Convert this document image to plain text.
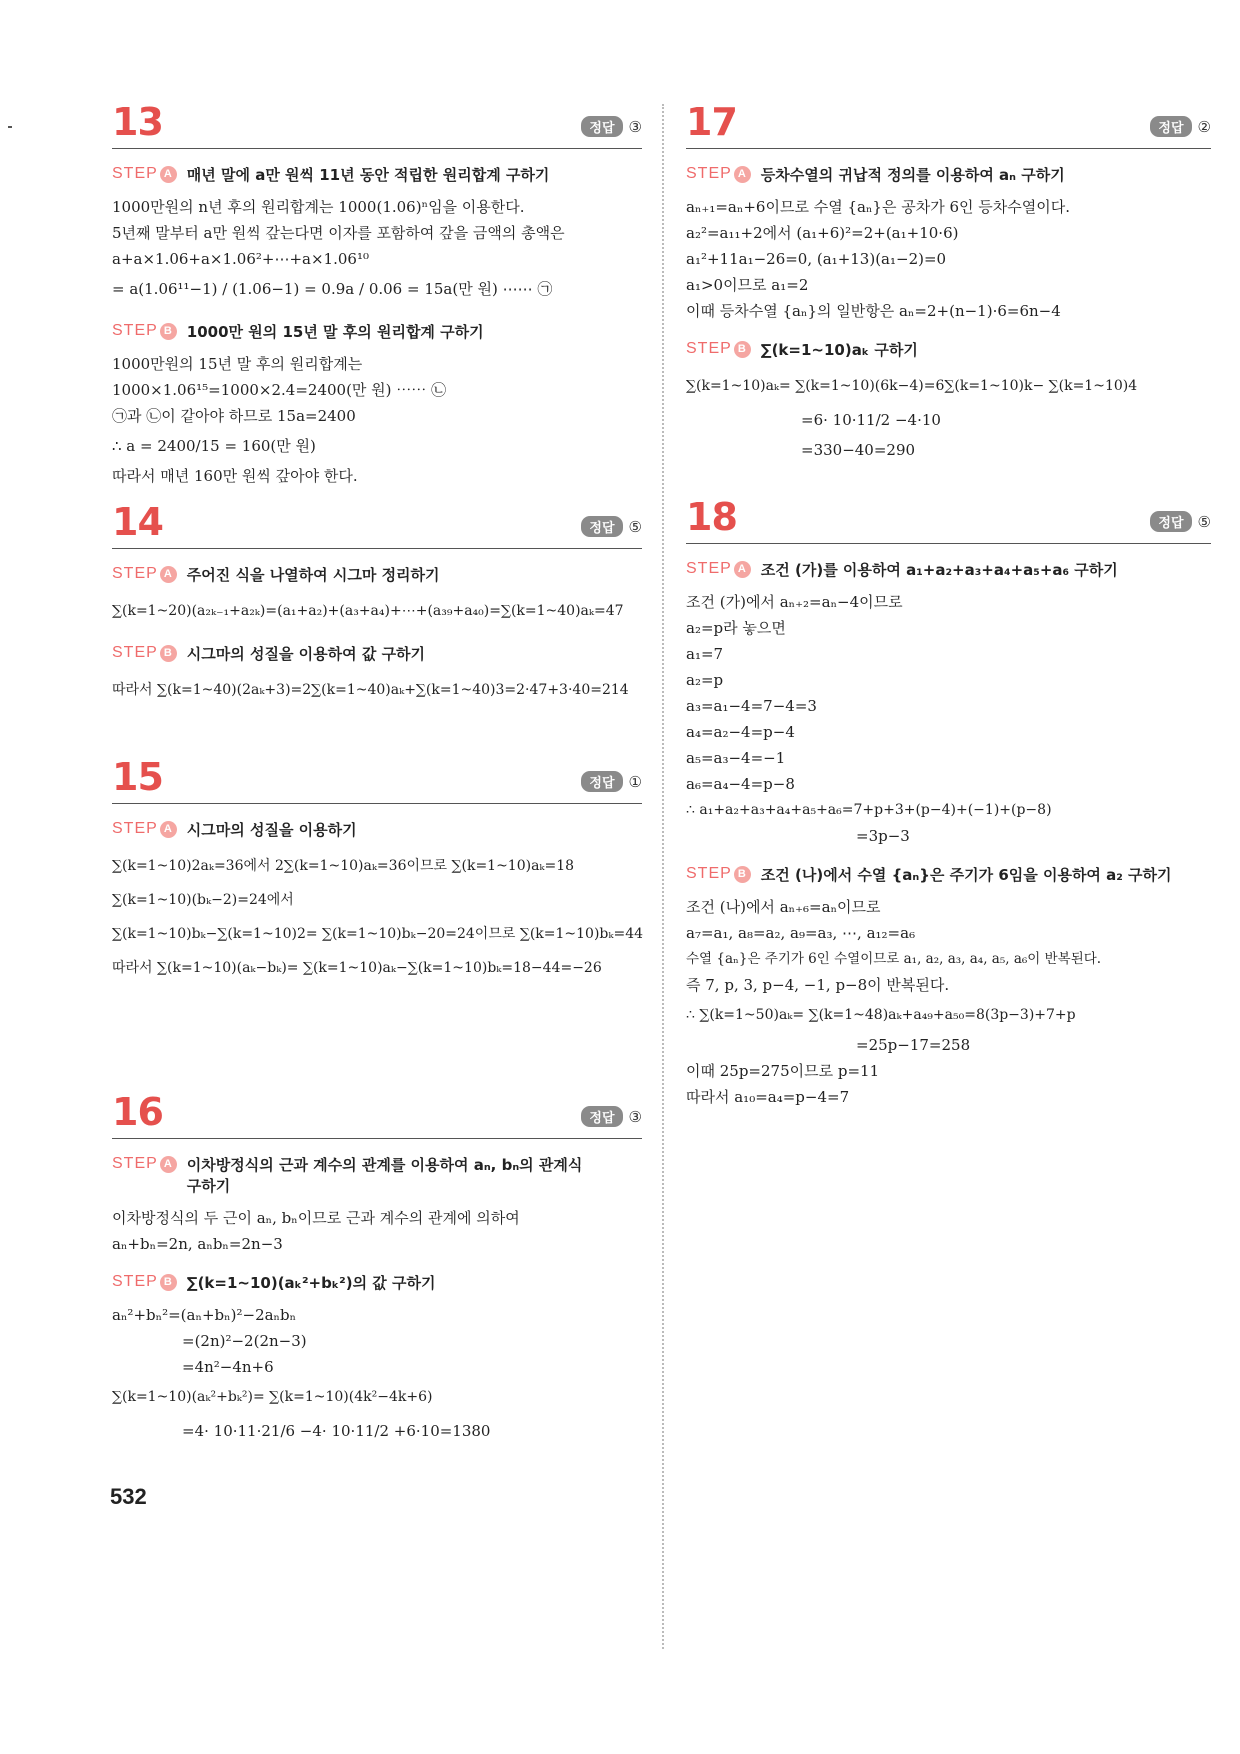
13	정답 ③
STEP A 매년 말에 a만 원씩 11년 동안 적립한 원리합계 구하기
1000만원의 n년 후의 원리합계는 1000(1.06)ⁿ임을 이용한다.
5년째 말부터 a만 원씩 갚는다면 이자를 포함하여 갚을 금액의 총액은
a+a×1.06+a×1.06²+⋯+a×1.06¹⁰
= a(1.06¹¹−1) / (1.06−1) = 0.9a / 0.06 = 15a(만 원) ⋯⋯ ㉠
STEP B 1000만 원의 15년 말 후의 원리합계 구하기
1000만원의 15년 말 후의 원리합계는
1000×1.06¹⁵=1000×2.4=2400(만 원) ⋯⋯ ㉡
㉠과 ㉡이 같아야 하므로 15a=2400
∴ a = 2400/15 = 160(만 원)
따라서 매년 160만 원씩 갚아야 한다.
14	정답 ⑤
STEP A 주어진 식을 나열하여 시그마 정리하기
∑(k=1~20)(a₂ₖ₋₁+a₂ₖ)=(a₁+a₂)+(a₃+a₄)+⋯+(a₃₉+a₄₀)=∑(k=1~40)aₖ=47
STEP B 시그마의 성질을 이용하여 값 구하기
따라서 ∑(k=1~40)(2aₖ+3)=2∑(k=1~40)aₖ+∑(k=1~40)3=2·47+3·40=214
15	정답 ①
STEP A 시그마의 성질을 이용하기
∑(k=1~10)2aₖ=36에서 2∑(k=1~10)aₖ=36이므로 ∑(k=1~10)aₖ=18
∑(k=1~10)(bₖ−2)=24에서
∑(k=1~10)bₖ−∑(k=1~10)2= ∑(k=1~10)bₖ−20=24이므로 ∑(k=1~10)bₖ=44
따라서 ∑(k=1~10)(aₖ−bₖ)= ∑(k=1~10)aₖ−∑(k=1~10)bₖ=18−44=−26
16	정답 ③
STEP A 이차방정식의 근과 계수의 관계를 이용하여 aₙ, bₙ의 관계식 구하기
이차방정식의 두 근이 aₙ, bₙ이므로 근과 계수의 관계에 의하여
aₙ+bₙ=2n, aₙbₙ=2n−3
STEP B ∑(k=1~10)(aₖ²+bₖ²)의 값 구하기
aₙ²+bₙ²=(aₙ+bₙ)²−2aₙbₙ
=(2n)²−2(2n−3)
=4n²−4n+6
∑(k=1~10)(aₖ²+bₖ²)= ∑(k=1~10)(4k²−4k+6)
=4· 10·11·21/6 −4· 10·11/2 +6·10=1380
532
17	정답 ②
STEP A 등차수열의 귀납적 정의를 이용하여 aₙ 구하기
aₙ₊₁=aₙ+6이므로 수열 {aₙ}은 공차가 6인 등차수열이다.
a₂²=a₁₁+2에서 (a₁+6)²=2+(a₁+10·6)
a₁²+11a₁−26=0, (a₁+13)(a₁−2)=0
a₁>0이므로 a₁=2
이때 등차수열 {aₙ}의 일반항은 aₙ=2+(n−1)·6=6n−4
STEP B ∑(k=1~10)aₖ 구하기
∑(k=1~10)aₖ= ∑(k=1~10)(6k−4)=6∑(k=1~10)k− ∑(k=1~10)4
=6· 10·11/2 −4·10
=330−40=290
18	정답 ⑤
STEP A 조건 (가)를 이용하여 a₁+a₂+a₃+a₄+a₅+a₆ 구하기
조건 (가)에서 aₙ₊₂=aₙ−4이므로
a₂=p라 놓으면
a₁=7
a₂=p
a₃=a₁−4=7−4=3
a₄=a₂−4=p−4
a₅=a₃−4=−1
a₆=a₄−4=p−8
∴ a₁+a₂+a₃+a₄+a₅+a₆=7+p+3+(p−4)+(−1)+(p−8)
=3p−3
STEP B 조건 (나)에서 수열 {aₙ}은 주기가 6임을 이용하여 a₂ 구하기
조건 (나)에서 aₙ₊₆=aₙ이므로
a₇=a₁, a₈=a₂, a₉=a₃, ⋯, a₁₂=a₆
수열 {aₙ}은 주기가 6인 수열이므로 a₁, a₂, a₃, a₄, a₅, a₆이 반복된다.
즉 7, p, 3, p−4, −1, p−8이 반복된다.
∴ ∑(k=1~50)aₖ= ∑(k=1~48)aₖ+a₄₉+a₅₀=8(3p−3)+7+p
=25p−17=258
이때 25p=275이므로 p=11
따라서 a₁₀=a₄=p−4=7
